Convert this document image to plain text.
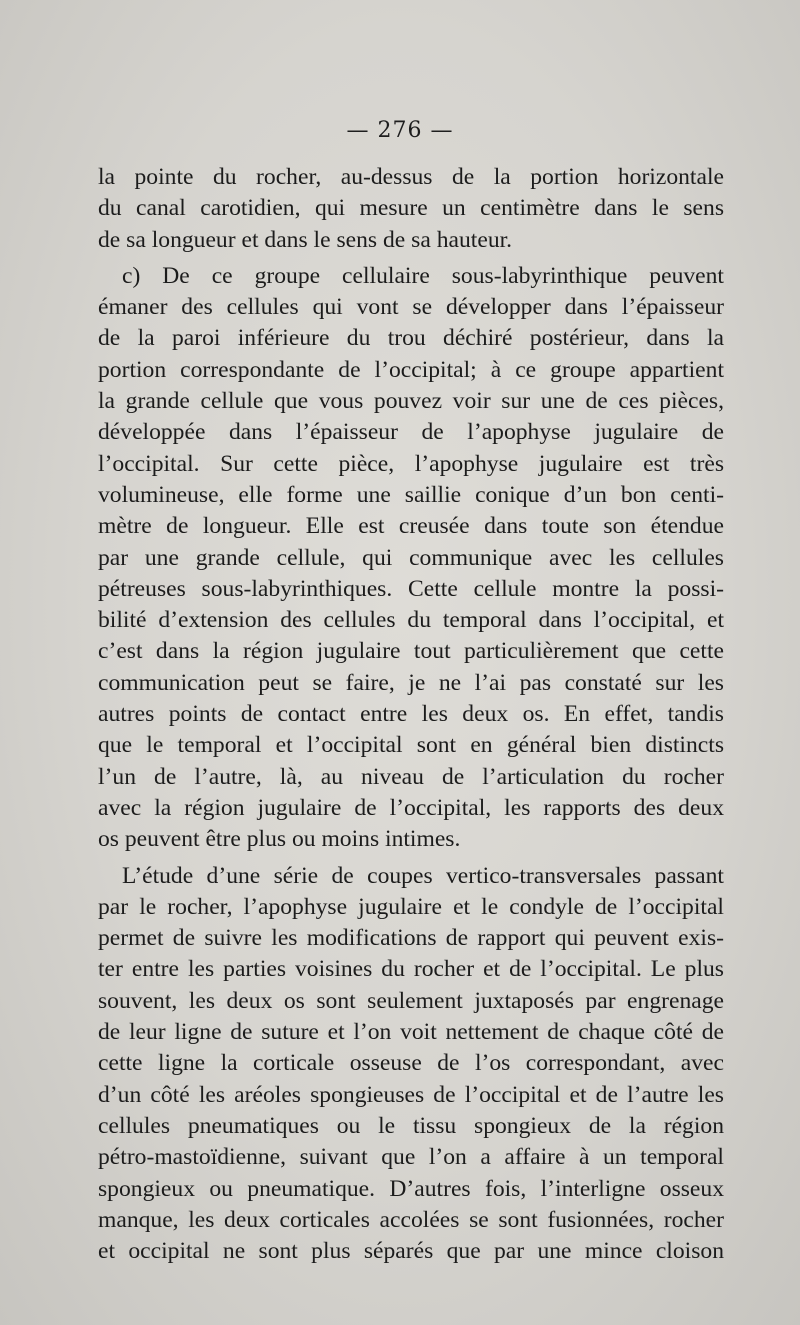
— 276 —
la pointe du rocher, au-dessus de la portion horizontale
du canal carotidien, qui mesure un centimètre dans le sens
de sa longueur et dans le sens de sa hauteur.
c) De ce groupe cellulaire sous-labyrinthique peuvent
émaner des cellules qui vont se développer dans l’épaisseur
de la paroi inférieure du trou déchiré postérieur, dans la
portion correspondante de l’occipital; à ce groupe appartient
la grande cellule que vous pouvez voir sur une de ces pièces,
développée dans l’épaisseur de l’apophyse jugulaire de
l’occipital. Sur cette pièce, l’apophyse jugulaire est très
volumineuse, elle forme une saillie conique d’un bon centi-
mètre de longueur. Elle est creusée dans toute son étendue
par une grande cellule, qui communique avec les cellules
pétreuses sous-labyrinthiques. Cette cellule montre la possi-
bilité d’extension des cellules du temporal dans l’occipital, et
c’est dans la région jugulaire tout particulièrement que cette
communication peut se faire, je ne l’ai pas constaté sur les
autres points de contact entre les deux os. En effet, tandis
que le temporal et l’occipital sont en général bien distincts
l’un de l’autre, là, au niveau de l’articulation du rocher
avec la région jugulaire de l’occipital, les rapports des deux
os peuvent être plus ou moins intimes.
L’étude d’une série de coupes vertico-transversales passant
par le rocher, l’apophyse jugulaire et le condyle de l’occipital
permet de suivre les modifications de rapport qui peuvent exis-
ter entre les parties voisines du rocher et de l’occipital. Le plus
souvent, les deux os sont seulement juxtaposés par engrenage
de leur ligne de suture et l’on voit nettement de chaque côté de
cette ligne la corticale osseuse de l’os correspondant, avec
d’un côté les aréoles spongieuses de l’occipital et de l’autre les
cellules pneumatiques ou le tissu spongieux de la région
pétro-mastoïdienne, suivant que l’on a affaire à un temporal
spongieux ou pneumatique. D’autres fois, l’interligne osseux
manque, les deux corticales accolées se sont fusionnées, rocher
et occipital ne sont plus séparés que par une mince cloison
